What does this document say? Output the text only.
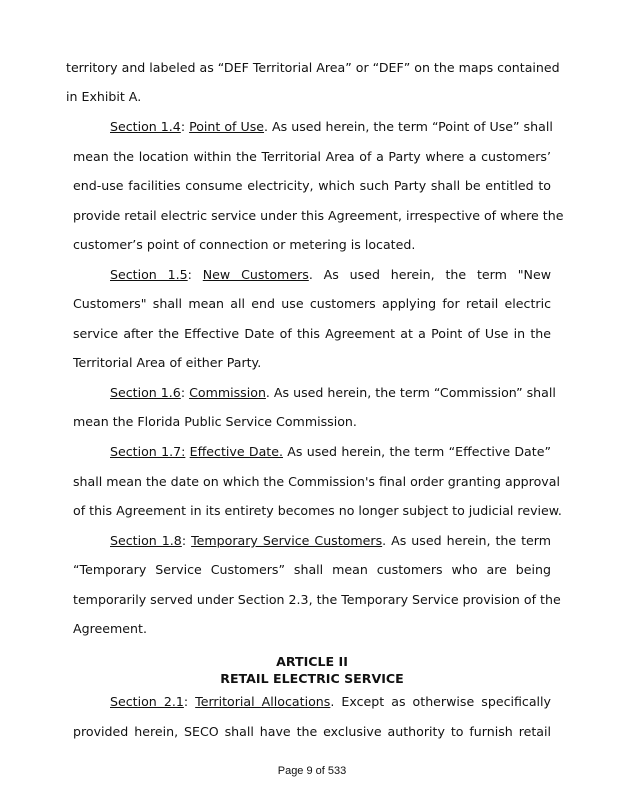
territory and labeled as “DEF Territorial Area” or “DEF” on the maps contained

in Exhibit A.

Section 1.4: Point of Use. As used herein, the term “Point of Use” shall

mean the location within the Territorial Area of a Party where a customers’

end-use facilities consume electricity, which such Party shall be entitled to

provide retail electric service under this Agreement, irrespective of where the

customer’s point of connection or metering is located.

Section 1.5: New Customers. As used herein, the term "New

Customers" shall mean all end use customers applying for retail electric

service after the Effective Date of this Agreement at a Point of Use in the

Territorial Area of either Party.

Section 1.6: Commission. As used herein, the term “Commission” shall

mean the Florida Public Service Commission.

Section 1.7: Effective Date. As used herein, the term “Effective Date”

shall mean the date on which the Commission's final order granting approval

of this Agreement in its entirety becomes no longer subject to judicial review.

Section 1.8: Temporary Service Customers. As used herein, the term

“Temporary Service Customers” shall mean customers who are being

temporarily served under Section 2.3, the Temporary Service provision of the

Agreement.

ARTICLE II
RETAIL ELECTRIC SERVICE

Section 2.1: Territorial Allocations. Except as otherwise specifically

provided herein, SECO shall have the exclusive authority to furnish retail

Page 9 of 533
